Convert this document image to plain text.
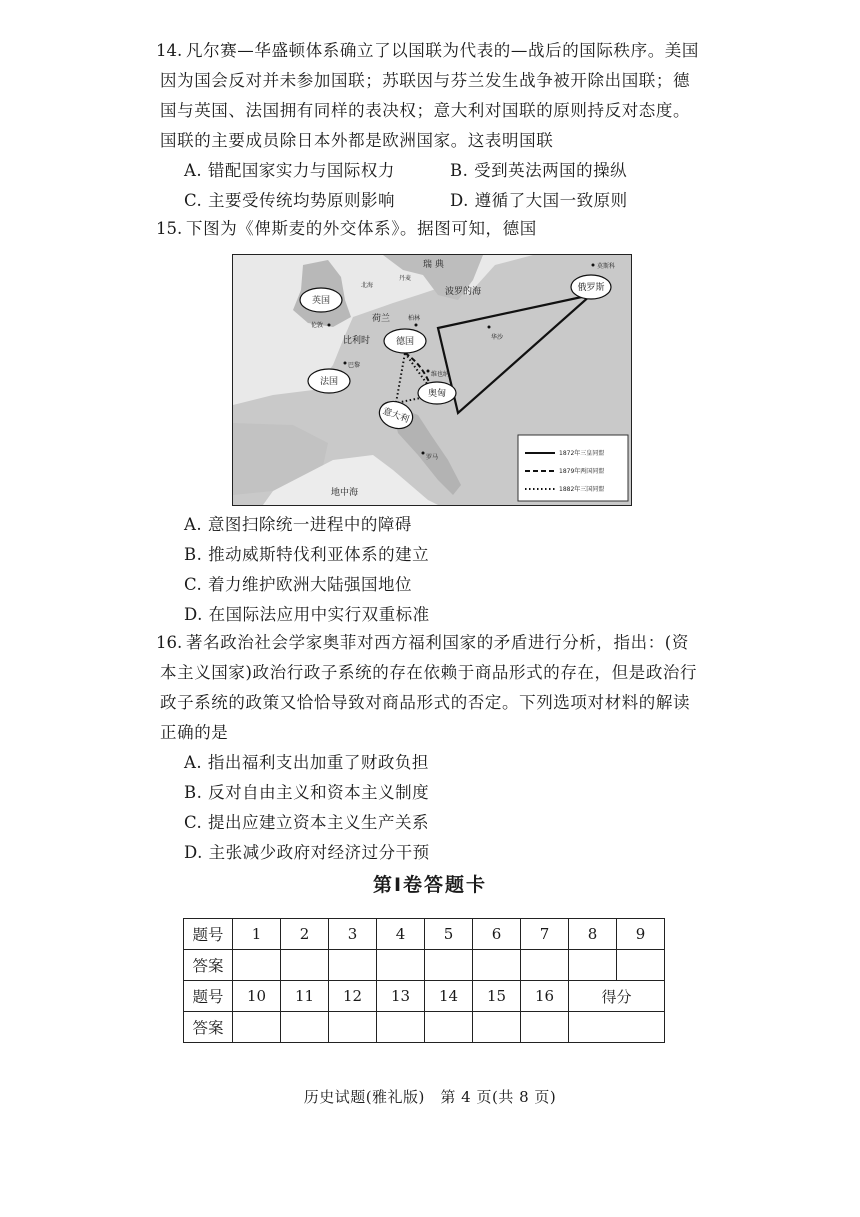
14. 凡尔赛—华盛顿体系确立了以国联为代表的—战后的国际秩序。美国因为国会反对并未参加国联；苏联因与芬兰发生战争被开除出国联；德国与英国、法国拥有同样的表决权；意大利对国联的原则持反对态度。国联的主要成员除日本外都是欧洲国家。这表明国联

A. 错配国家实力与国际权力	B. 受到英法两国的操纵
C. 主要受传统均势原则影响	D. 遵循了大国一致原则
15. 下图为《俾斯麦的外交体系》。据图可知，德国

英国
法国
德国
奥匈
意大利
俄罗斯
瑞 典
北海
丹麦
波罗的海
莫斯科
荷兰	柏林
华沙
伦敦
比利时
巴黎
维也纳
罗马
地中海
1872年三皇同盟
1879年两国同盟
1882年三国同盟
A. 意图扫除统一进程中的障碍
B. 推动威斯特伐利亚体系的建立
C. 着力维护欧洲大陆强国地位
D. 在国际法应用中实行双重标准
16. 著名政治社会学家奥菲对西方福利国家的矛盾进行分析，指出：(资本主义国家)政治行政子系统的存在依赖于商品形式的存在，但是政治行政子系统的政策又恰恰导致对商品形式的否定。下列选项对材料的解读正确的是

A. 指出福利支出加重了财政负担
B. 反对自由主义和资本主义制度
C. 提出应建立资本主义生产关系
D. 主张减少政府对经济过分干预
第Ⅰ卷答题卡
题号	1	2	3	4	5	6	7	8	9
答案									
题号	10	11	12	13	14	15	16	得分	
答案									
历史试题(雅礼版)　第 4 页(共 8 页)
